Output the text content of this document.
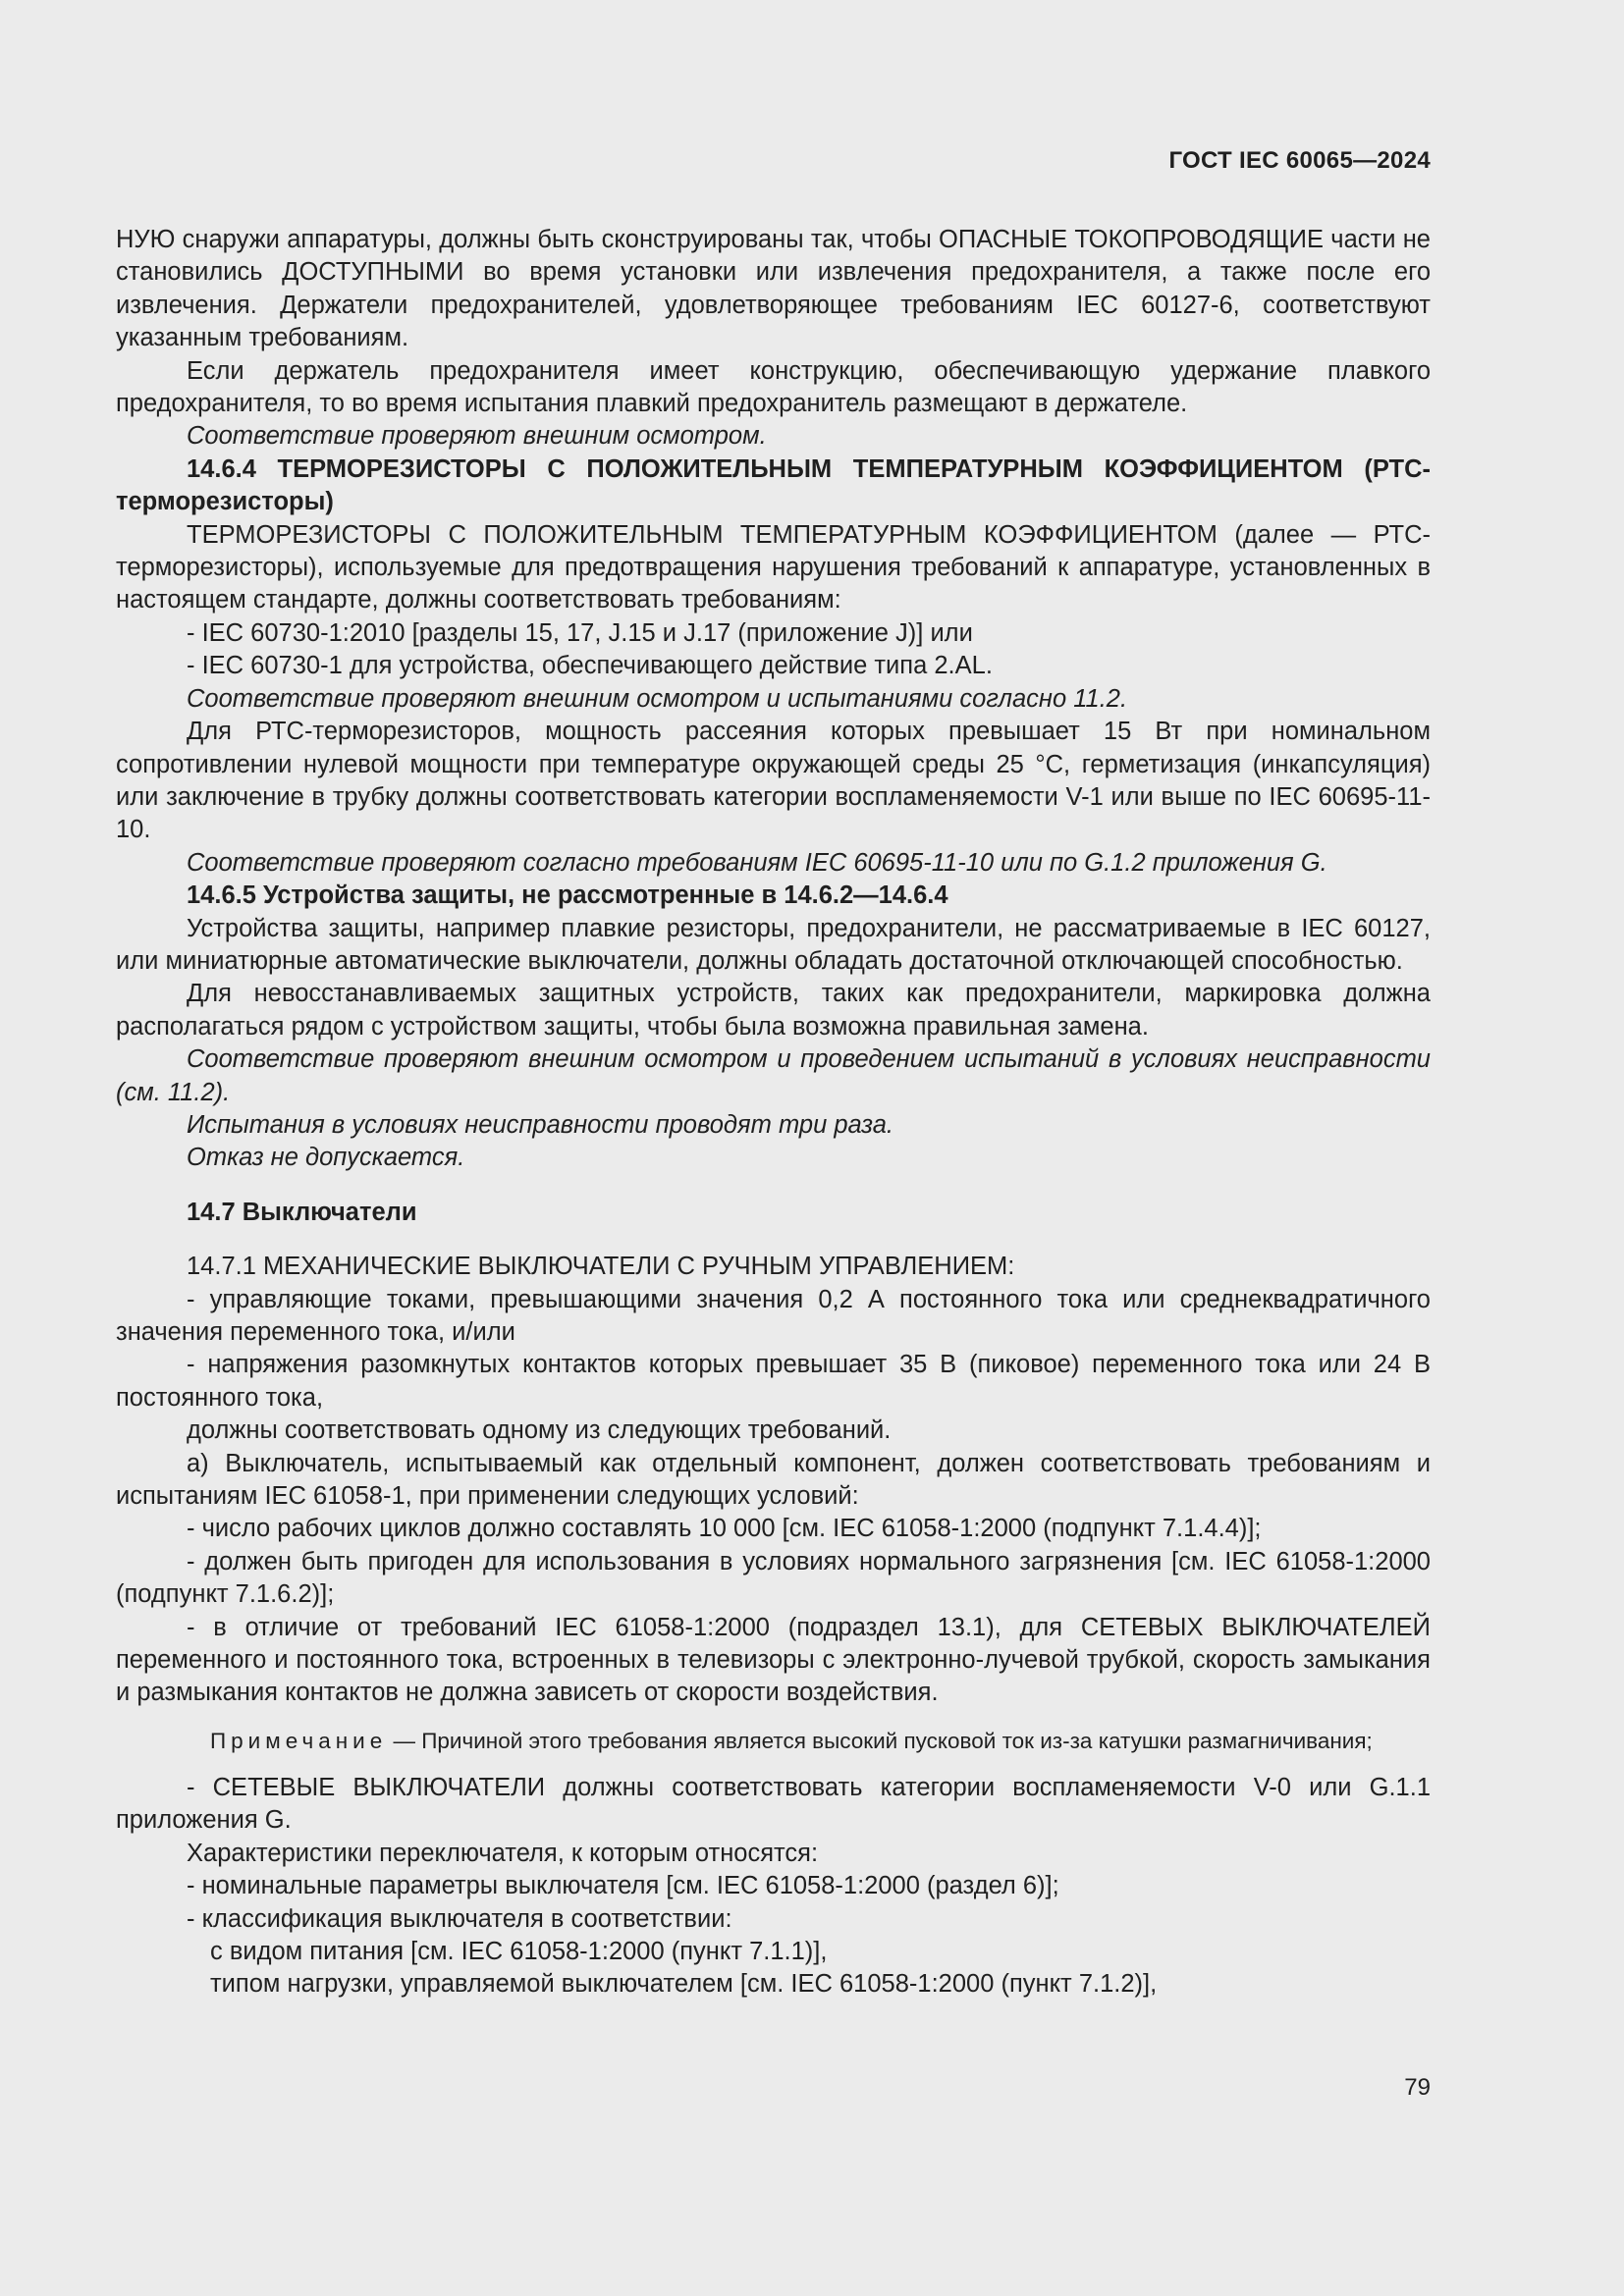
ГОСТ IEC 60065—2024

НУЮ снаружи аппаратуры, должны быть сконструированы так, чтобы ОПАСНЫЕ ТОКОПРОВОДЯЩИЕ части не становились ДОСТУПНЫМИ во время установки или извлечения предохранителя, а также после его извлечения. Держатели предохранителей, удовлетворяющее требованиям IEC 60127-6, соответствуют указанным требованиям.

Если держатель предохранителя имеет конструкцию, обеспечивающую удержание плавкого предохранителя, то во время испытания плавкий предохранитель размещают в держателе.

Соответствие проверяют внешним осмотром.

14.6.4 ТЕРМОРЕЗИСТОРЫ С ПОЛОЖИТЕЛЬНЫМ ТЕМПЕРАТУРНЫМ КОЭФФИЦИЕНТОМ (РТС-терморезисторы)

ТЕРМОРЕЗИСТОРЫ С ПОЛОЖИТЕЛЬНЫМ ТЕМПЕРАТУРНЫМ КОЭФФИЦИЕНТОМ (далее — РТС-терморезисторы), используемые для предотвращения нарушения требований к аппаратуре, установленных в настоящем стандарте, должны соответствовать требованиям:

- IEC 60730-1:2010 [разделы 15, 17, J.15 и J.17 (приложение J)] или

- IEC 60730-1 для устройства, обеспечивающего действие типа 2.AL.

Соответствие проверяют внешним осмотром и испытаниями согласно 11.2.

Для РТС-терморезисторов, мощность рассеяния которых превышает 15 Вт при номинальном сопротивлении нулевой мощности при температуре окружающей среды 25 °С, герметизация (инкапсуляция) или заключение в трубку должны соответствовать категории воспламеняемости V-1 или выше по IEC 60695-11-10.

Соответствие проверяют согласно требованиям IEC 60695-11-10 или по G.1.2 приложения G.

14.6.5 Устройства защиты, не рассмотренные в 14.6.2—14.6.4

Устройства защиты, например плавкие резисторы, предохранители, не рассматриваемые в IEC 60127, или миниатюрные автоматические выключатели, должны обладать достаточной отключающей способностью.

Для невосстанавливаемых защитных устройств, таких как предохранители, маркировка должна располагаться рядом с устройством защиты, чтобы была возможна правильная замена.

Соответствие проверяют внешним осмотром и проведением испытаний в условиях неисправности (см. 11.2).

Испытания в условиях неисправности проводят три раза.

Отказ не допускается.

14.7 Выключатели

14.7.1 МЕХАНИЧЕСКИЕ ВЫКЛЮЧАТЕЛИ С РУЧНЫМ УПРАВЛЕНИЕМ:

- управляющие токами, превышающими значения 0,2 А постоянного тока или среднеквадратичного значения переменного тока, и/или

- напряжения разомкнутых контактов которых превышает 35 В (пиковое) переменного тока или 24 В постоянного тока,

должны соответствовать одному из следующих требований.

а) Выключатель, испытываемый как отдельный компонент, должен соответствовать требованиям и испытаниям IEC 61058-1, при применении следующих условий:

- число рабочих циклов должно составлять 10 000 [см. IEC 61058-1:2000 (подпункт 7.1.4.4)];

- должен быть пригоден для использования в условиях нормального загрязнения [см. IEC 61058-1:2000 (подпункт 7.1.6.2)];

- в отличие от требований IEC 61058-1:2000 (подраздел 13.1), для СЕТЕВЫХ ВЫКЛЮЧАТЕЛЕЙ переменного и постоянного тока, встроенных в телевизоры с электронно-лучевой трубкой, скорость замыкания и размыкания контактов не должна зависеть от скорости воздействия.

Примечание — Причиной этого требования является высокий пусковой ток из-за катушки размагничивания;

- СЕТЕВЫЕ ВЫКЛЮЧАТЕЛИ должны соответствовать категории воспламеняемости V-0 или G.1.1 приложения G.

Характеристики переключателя, к которым относятся:

- номинальные параметры выключателя [см. IEC 61058-1:2000 (раздел 6)];

- классификация выключателя в соответствии:

с видом питания [см. IEC 61058-1:2000 (пункт 7.1.1)],

типом нагрузки, управляемой выключателем [см. IEC 61058-1:2000 (пункт 7.1.2)],

79
